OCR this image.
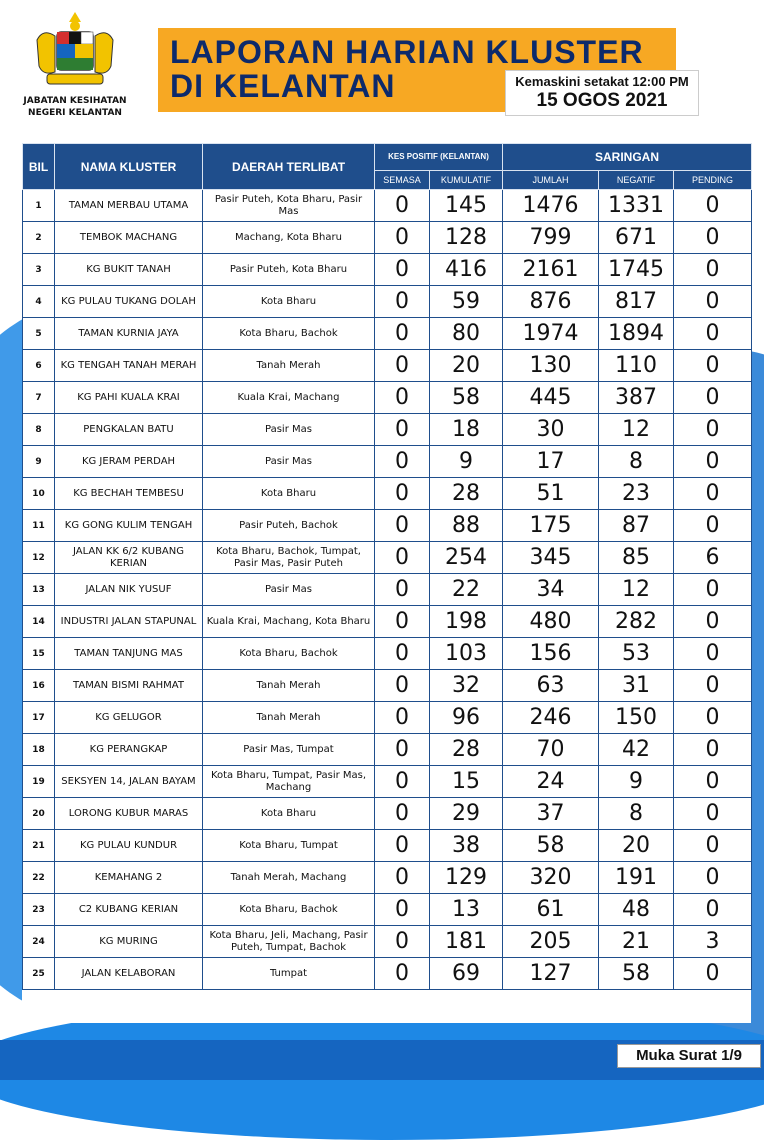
JABATAN KESIHATAN
NEGERI KELANTAN
LAPORAN HARIAN KLUSTER
DI KELANTAN	Kemaskini setakat 12:00 PM
15 OGOS 2021
BIL	NAMA KLUSTER	DAERAH TERLIBAT	KES POSITIF (KELANTAN)		SARINGAN		
			SEMASA	KUMULATIF	JUMLAH	NEGATIF	PENDING
1	TAMAN MERBAU UTAMA	Pasir Puteh, Kota Bharu, Pasir Mas	0	145	1476	1331	0
2	TEMBOK MACHANG	Machang, Kota Bharu	0	128	799	671	0
3	KG BUKIT TANAH	Pasir Puteh, Kota Bharu	0	416	2161	1745	0
4	KG PULAU TUKANG DOLAH	Kota Bharu	0	59	876	817	0
5	TAMAN KURNIA JAYA	Kota Bharu, Bachok	0	80	1974	1894	0
6	KG TENGAH TANAH MERAH	Tanah Merah	0	20	130	110	0
7	KG PAHI KUALA KRAI	Kuala Krai, Machang	0	58	445	387	0
8	PENGKALAN BATU	Pasir Mas	0	18	30	12	0
9	KG JERAM PERDAH	Pasir Mas	0	9	17	8	0
10	KG BECHAH TEMBESU	Kota Bharu	0	28	51	23	0
11	KG GONG KULIM TENGAH	Pasir Puteh, Bachok	0	88	175	87	0
12	JALAN KK 6/2 KUBANG KERIAN	Kota Bharu, Bachok, Tumpat, Pasir Mas, Pasir Puteh	0	254	345	85	6
13	JALAN NIK YUSUF	Pasir Mas	0	22	34	12	0
14	INDUSTRI JALAN STAPUNAL	Kuala Krai, Machang, Kota Bharu	0	198	480	282	0
15	TAMAN TANJUNG MAS	Kota Bharu, Bachok	0	103	156	53	0
16	TAMAN BISMI RAHMAT	Tanah Merah	0	32	63	31	0
17	KG GELUGOR	Tanah Merah	0	96	246	150	0
18	KG PERANGKAP	Pasir Mas, Tumpat	0	28	70	42	0
19	SEKSYEN 14, JALAN BAYAM	Kota Bharu, Tumpat, Pasir Mas, Machang	0	15	24	9	0
20	LORONG KUBUR MARAS	Kota Bharu	0	29	37	8	0
21	KG PULAU KUNDUR	Kota Bharu, Tumpat	0	38	58	20	0
22	KEMAHANG 2	Tanah Merah, Machang	0	129	320	191	0
23	C2 KUBANG KERIAN	Kota Bharu, Bachok	0	13	61	48	0
24	KG MURING	Kota Bharu, Jeli, Machang, Pasir Puteh, Tumpat, Bachok	0	181	205	21	3
25	JALAN KELABORAN	Tumpat	0	69	127	58	0
Muka Surat 1/9
